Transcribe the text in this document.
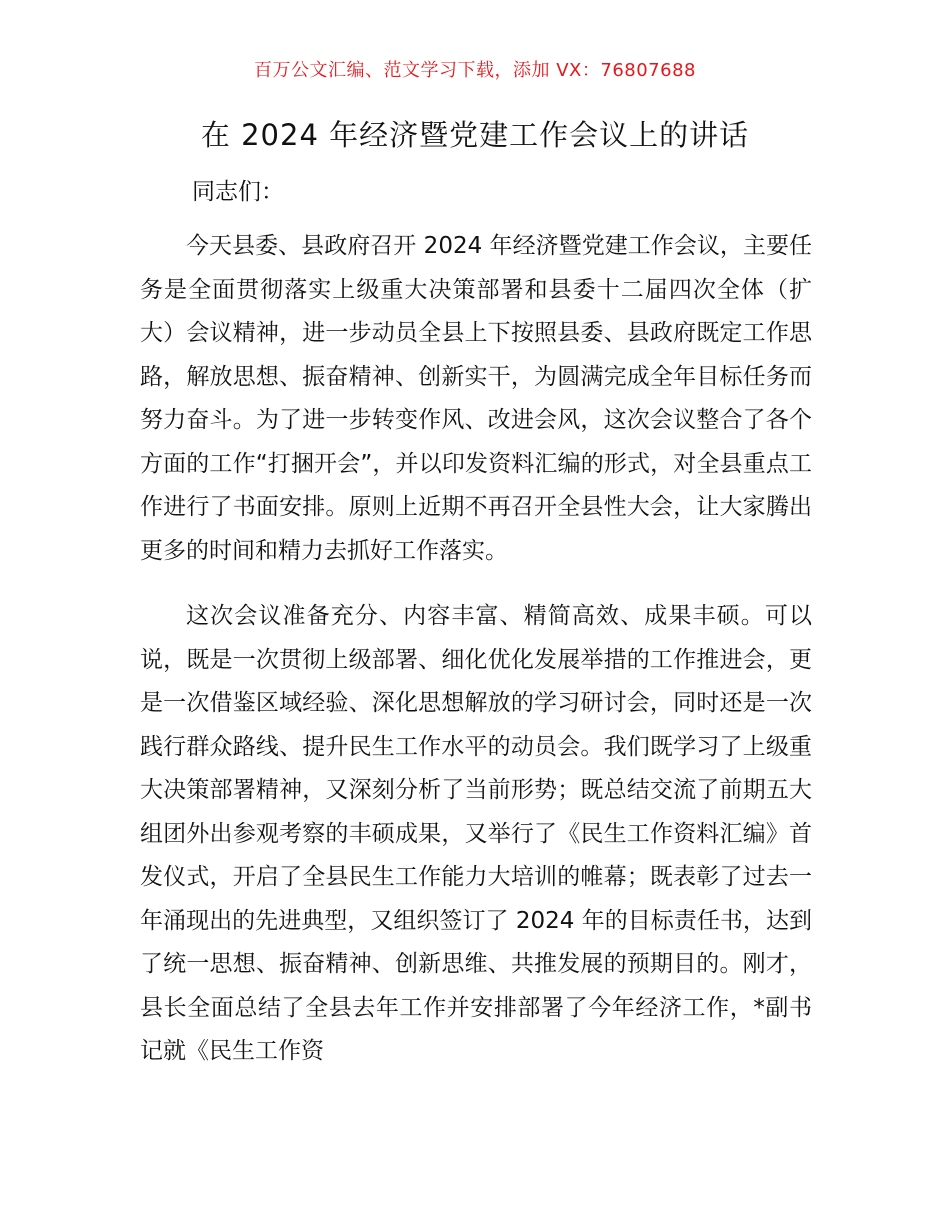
百万公文汇编、范文学习下载，添加 VX：76807688
在 2024 年经济暨党建工作会议上的讲话
同志们：

今天县委、县政府召开 2024 年经济暨党建工作会议，主要任务是全面贯彻落实上级重大决策部署和县委十二届四次全体（扩大）会议精神，进一步动员全县上下按照县委、县政府既定工作思路，解放思想、振奋精神、创新实干，为圆满完成全年目标任务而努力奋斗。为了进一步转变作风、改进会风，这次会议整合了各个方面的工作“打捆开会”，并以印发资料汇编的形式，对全县重点工作进行了书面安排。原则上近期不再召开全县性大会，让大家腾出更多的时间和精力去抓好工作落实。

这次会议准备充分、内容丰富、精简高效、成果丰硕。可以说，既是一次贯彻上级部署、细化优化发展举措的工作推进会，更是一次借鉴区域经验、深化思想解放的学习研讨会，同时还是一次践行群众路线、提升民生工作水平的动员会。我们既学习了上级重大决策部署精神，又深刻分析了当前形势；既总结交流了前期五大组团外出参观考察的丰硕成果，又举行了《民生工作资料汇编》首发仪式，开启了全县民生工作能力大培训的帷幕；既表彰了过去一年涌现出的先进典型，又组织签订了 2024 年的目标责任书，达到了统一思想、振奋精神、创新思维、共推发展的预期目的。刚才，县长全面总结了全县去年工作并安排部署了今年经济工作，*副书记就《民生工作资
